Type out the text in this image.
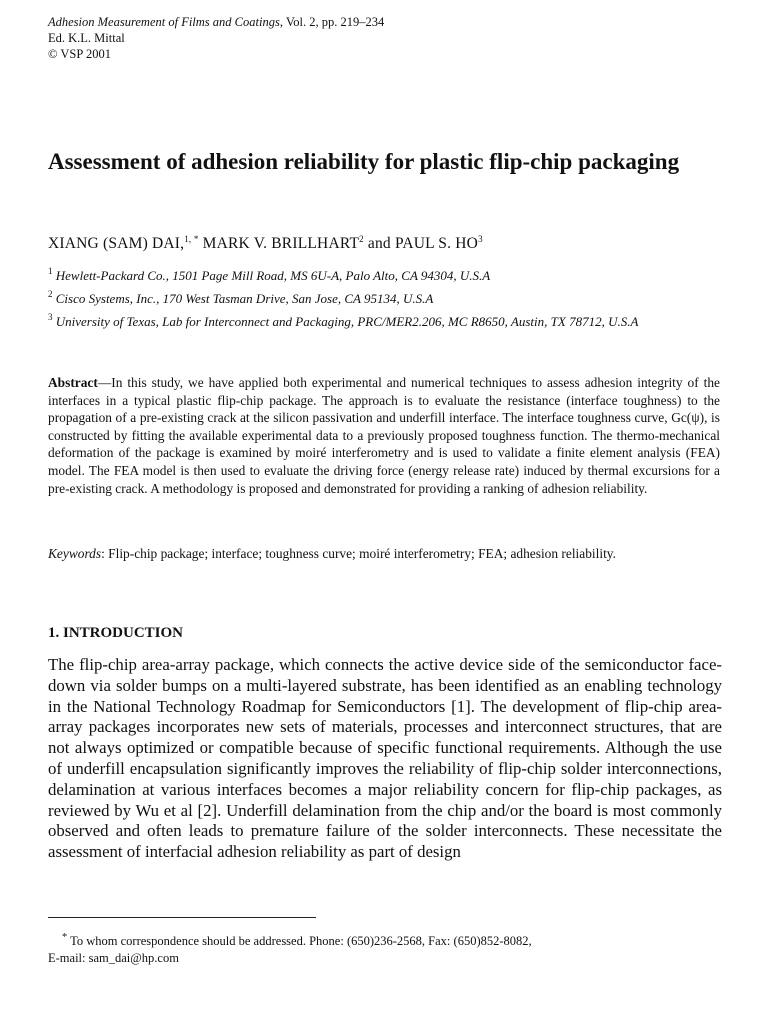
Adhesion Measurement of Films and Coatings, Vol. 2, pp. 219–234
Ed. K.L. Mittal
© VSP 2001
Assessment of adhesion reliability for plastic flip-chip packaging
XIANG (SAM) DAI,$^{1, *}$ MARK V. BRILLHART$^2$ and PAUL S. $HO^3$

$^1$ Hewlett-Packard Co., 1501 Page Mill Road, MS 6U-A, Palo Alto, CA 94304, U.S.A

$^2$ Cisco Systems, Inc., 170 West Tasman Drive, San Jose, CA 95134, U.S.A

$^3$ University of Texas, Lab for Interconnect and Packaging, PRC/MER2.206, MC R8650, Austin, TX 78712, U.S.A

Abstract—In this study, we have applied both experimental and numerical techniques to assess adhesion integrity of the interfaces in a typical plastic flip-chip package. The approach is to evaluate the resistance (interface toughness) to the propagation of a pre-existing crack at the silicon passivation and underfill interface. The interface toughness curve, Gc(ψ), is constructed by fitting the available experimental data to a previously proposed toughness function. The thermo-mechanical deformation of the package is examined by moiré interferometry and is used to validate a finite element analysis (FEA) model. The FEA model is then used to evaluate the driving force (energy release rate) induced by thermal excursions for a pre-existing crack. A methodology is proposed and demonstrated for providing a ranking of adhesion reliability.

Keywords: Flip-chip package; interface; toughness curve; moiré interferometry; FEA; adhesion reliability.

1. INTRODUCTION

The flip-chip area-array package, which connects the active device side of the semiconductor face-down via solder bumps on a multi-layered substrate, has been identified as an enabling technology in the National Technology Roadmap for Semiconductors [1]. The development of flip-chip area-array packages incorporates new sets of materials, processes and interconnect structures, that are not always optimized or compatible because of specific functional requirements. Although the use of underfill encapsulation significantly improves the reliability of flip-chip solder interconnections, delamination at various interfaces becomes a major reliability concern for flip-chip packages, as reviewed by Wu et al [2]. Underfill delamination from the chip and/or the board is most commonly observed and often leads to premature failure of the solder interconnects. These necessitate the assessment of interfacial adhesion reliability as part of design

* To whom correspondence should be addressed. Phone: (650)236-2568, Fax: (650)852-8082,

E-mail: sam_dai@hp.com
